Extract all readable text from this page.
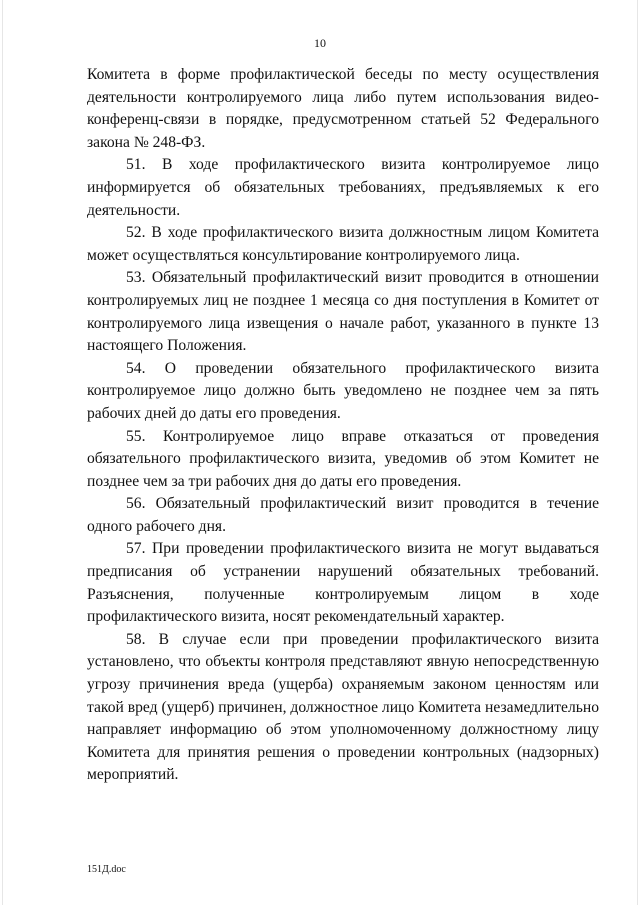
10

Комитета в форме профилактической беседы по месту осуществления деятельности контролируемого лица либо путем использования видео-конференц-связи в порядке, предусмотренном статьей 52 Федерального закона № 248-ФЗ.

51. В ходе профилактического визита контролируемое лицо информируется об обязательных требованиях, предъявляемых к его деятельности.

52. В ходе профилактического визита должностным лицом Комитета может осуществляться консультирование контролируемого лица.

53. Обязательный профилактический визит проводится в отношении контролируемых лиц не позднее 1 месяца со дня поступления в Комитет от контролируемого лица извещения о начале работ, указанного в пункте 13 настоящего Положения.

54. О проведении обязательного профилактического визита контролируемое лицо должно быть уведомлено не позднее чем за пять рабочих дней до даты его проведения.

55. Контролируемое лицо вправе отказаться от проведения обязательного профилактического визита, уведомив об этом Комитет не позднее чем за три рабочих дня до даты его проведения.

56. Обязательный профилактический визит проводится в течение одного рабочего дня.

57. При проведении профилактического визита не могут выдаваться предписания об устранении нарушений обязательных требований. Разъяснения, полученные контролируемым лицом в ходе профилактического визита, носят рекомендательный характер.

58. В случае если при проведении профилактического визита установлено, что объекты контроля представляют явную непосредственную угрозу причинения вреда (ущерба) охраняемым законом ценностям или такой вред (ущерб) причинен, должностное лицо Комитета незамедлительно направляет информацию об этом уполномоченному должностному лицу Комитета для принятия решения о проведении контрольных (надзорных) мероприятий.

151Д.doc
